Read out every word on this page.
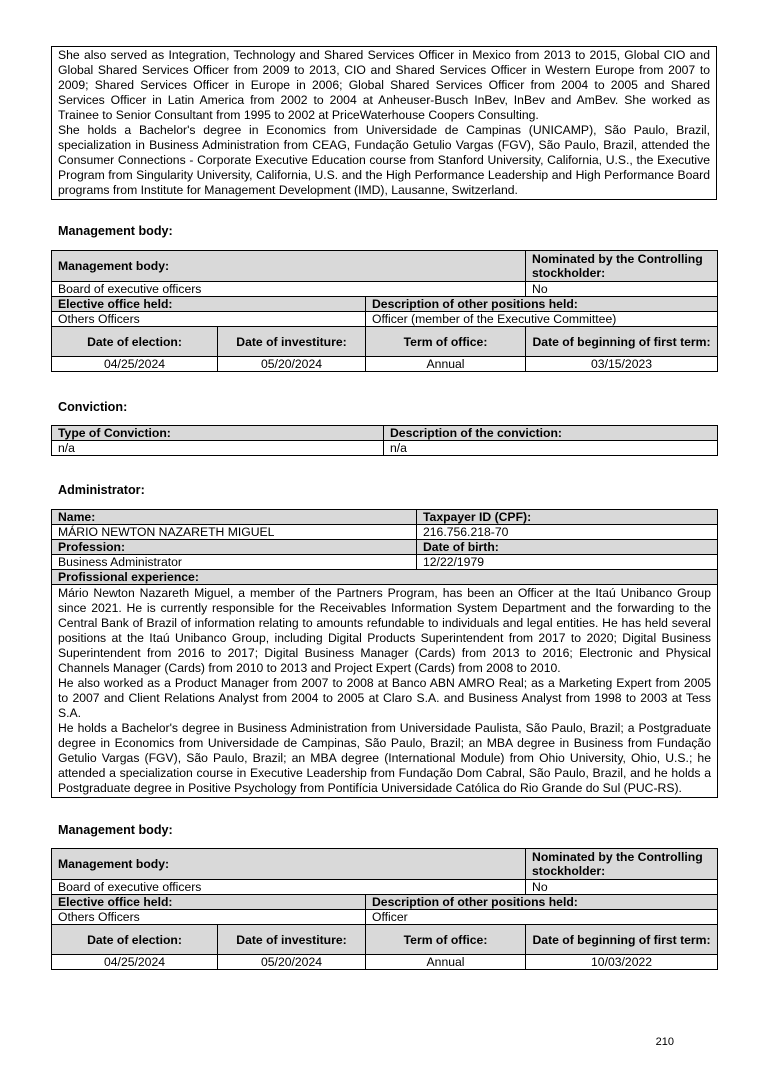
She also served as Integration, Technology and Shared Services Officer in Mexico from 2013 to 2015, Global CIO and Global Shared Services Officer from 2009 to 2013, CIO and Shared Services Officer in Western Europe from 2007 to 2009; Shared Services Officer in Europe in 2006; Global Shared Services Officer from 2004 to 2005 and Shared Services Officer in Latin America from 2002 to 2004 at Anheuser-Busch InBev, InBev and AmBev. She worked as Trainee to Senior Consultant from 1995 to 2002 at PriceWaterhouse Coopers Consulting.

She holds a Bachelor's degree in Economics from Universidade de Campinas (UNICAMP), São Paulo, Brazil, specialization in Business Administration from CEAG, Fundação Getulio Vargas (FGV), São Paulo, Brazil, attended the Consumer Connections - Corporate Executive Education course from Stanford University, California, U.S., the Executive Program from Singularity University, California, U.S. and the High Performance Leadership and High Performance Board programs from Institute for Management Development (IMD), Lausanne, Switzerland.

Management body:
Management body:			Nominated by the Controlling stockholder:
Board of executive officers			No
Elective office held:		Description of other positions held:	
Others Officers		Officer (member of the Executive Committee)	
Date of election:	Date of investiture:	Term of office:	Date of beginning of first term:
04/25/2024	05/20/2024	Annual	03/15/2023
Conviction:
Type of Conviction:	Description of the conviction:
n/a	n/a
Administrator:
Name:	Taxpayer ID (CPF):
MÁRIO NEWTON NAZARETH MIGUEL	216.756.218-70
Profession:	Date of birth:
Business Administrator	12/22/1979
Profissional experience:	

Mário Newton Nazareth Miguel, a member of the Partners Program, has been an Officer at the Itaú Unibanco Group since 2021. He is currently responsible for the Receivables Information System Department and the forwarding to the Central Bank of Brazil of information relating to amounts refundable to individuals and legal entities. He has held several positions at the Itaú Unibanco Group, including Digital Products Superintendent from 2017 to 2020; Digital Business Superintendent from 2016 to 2017; Digital Business Manager (Cards) from 2013 to 2016; Electronic and Physical Channels Manager (Cards) from 2010 to 2013 and Project Expert (Cards) from 2008 to 2010.

He also worked as a Product Manager from 2007 to 2008 at Banco ABN AMRO Real; as a Marketing Expert from 2005 to 2007 and Client Relations Analyst from 2004 to 2005 at Claro S.A. and Business Analyst from 1998 to 2003 at Tess S.A.

He holds a Bachelor's degree in Business Administration from Universidade Paulista, São Paulo, Brazil; a Postgraduate degree in Economics from Universidade de Campinas, São Paulo, Brazil; an MBA degree in Business from Fundação Getulio Vargas (FGV), São Paulo, Brazil; an MBA degree (International Module) from Ohio University, Ohio, U.S.; he attended a specialization course in Executive Leadership from Fundação Dom Cabral, São Paulo, Brazil, and he holds a Postgraduate degree in Positive Psychology from Pontifícia Universidade Católica do Rio Grande do Sul (PUC-RS).	

Management body:
Management body:			Nominated by the Controlling stockholder:
Board of executive officers			No
Elective office held:		Description of other positions held:	
Others Officers		Officer	
Date of election:	Date of investiture:	Term of office:	Date of beginning of first term:
04/25/2024	05/20/2024	Annual	10/03/2022
210
